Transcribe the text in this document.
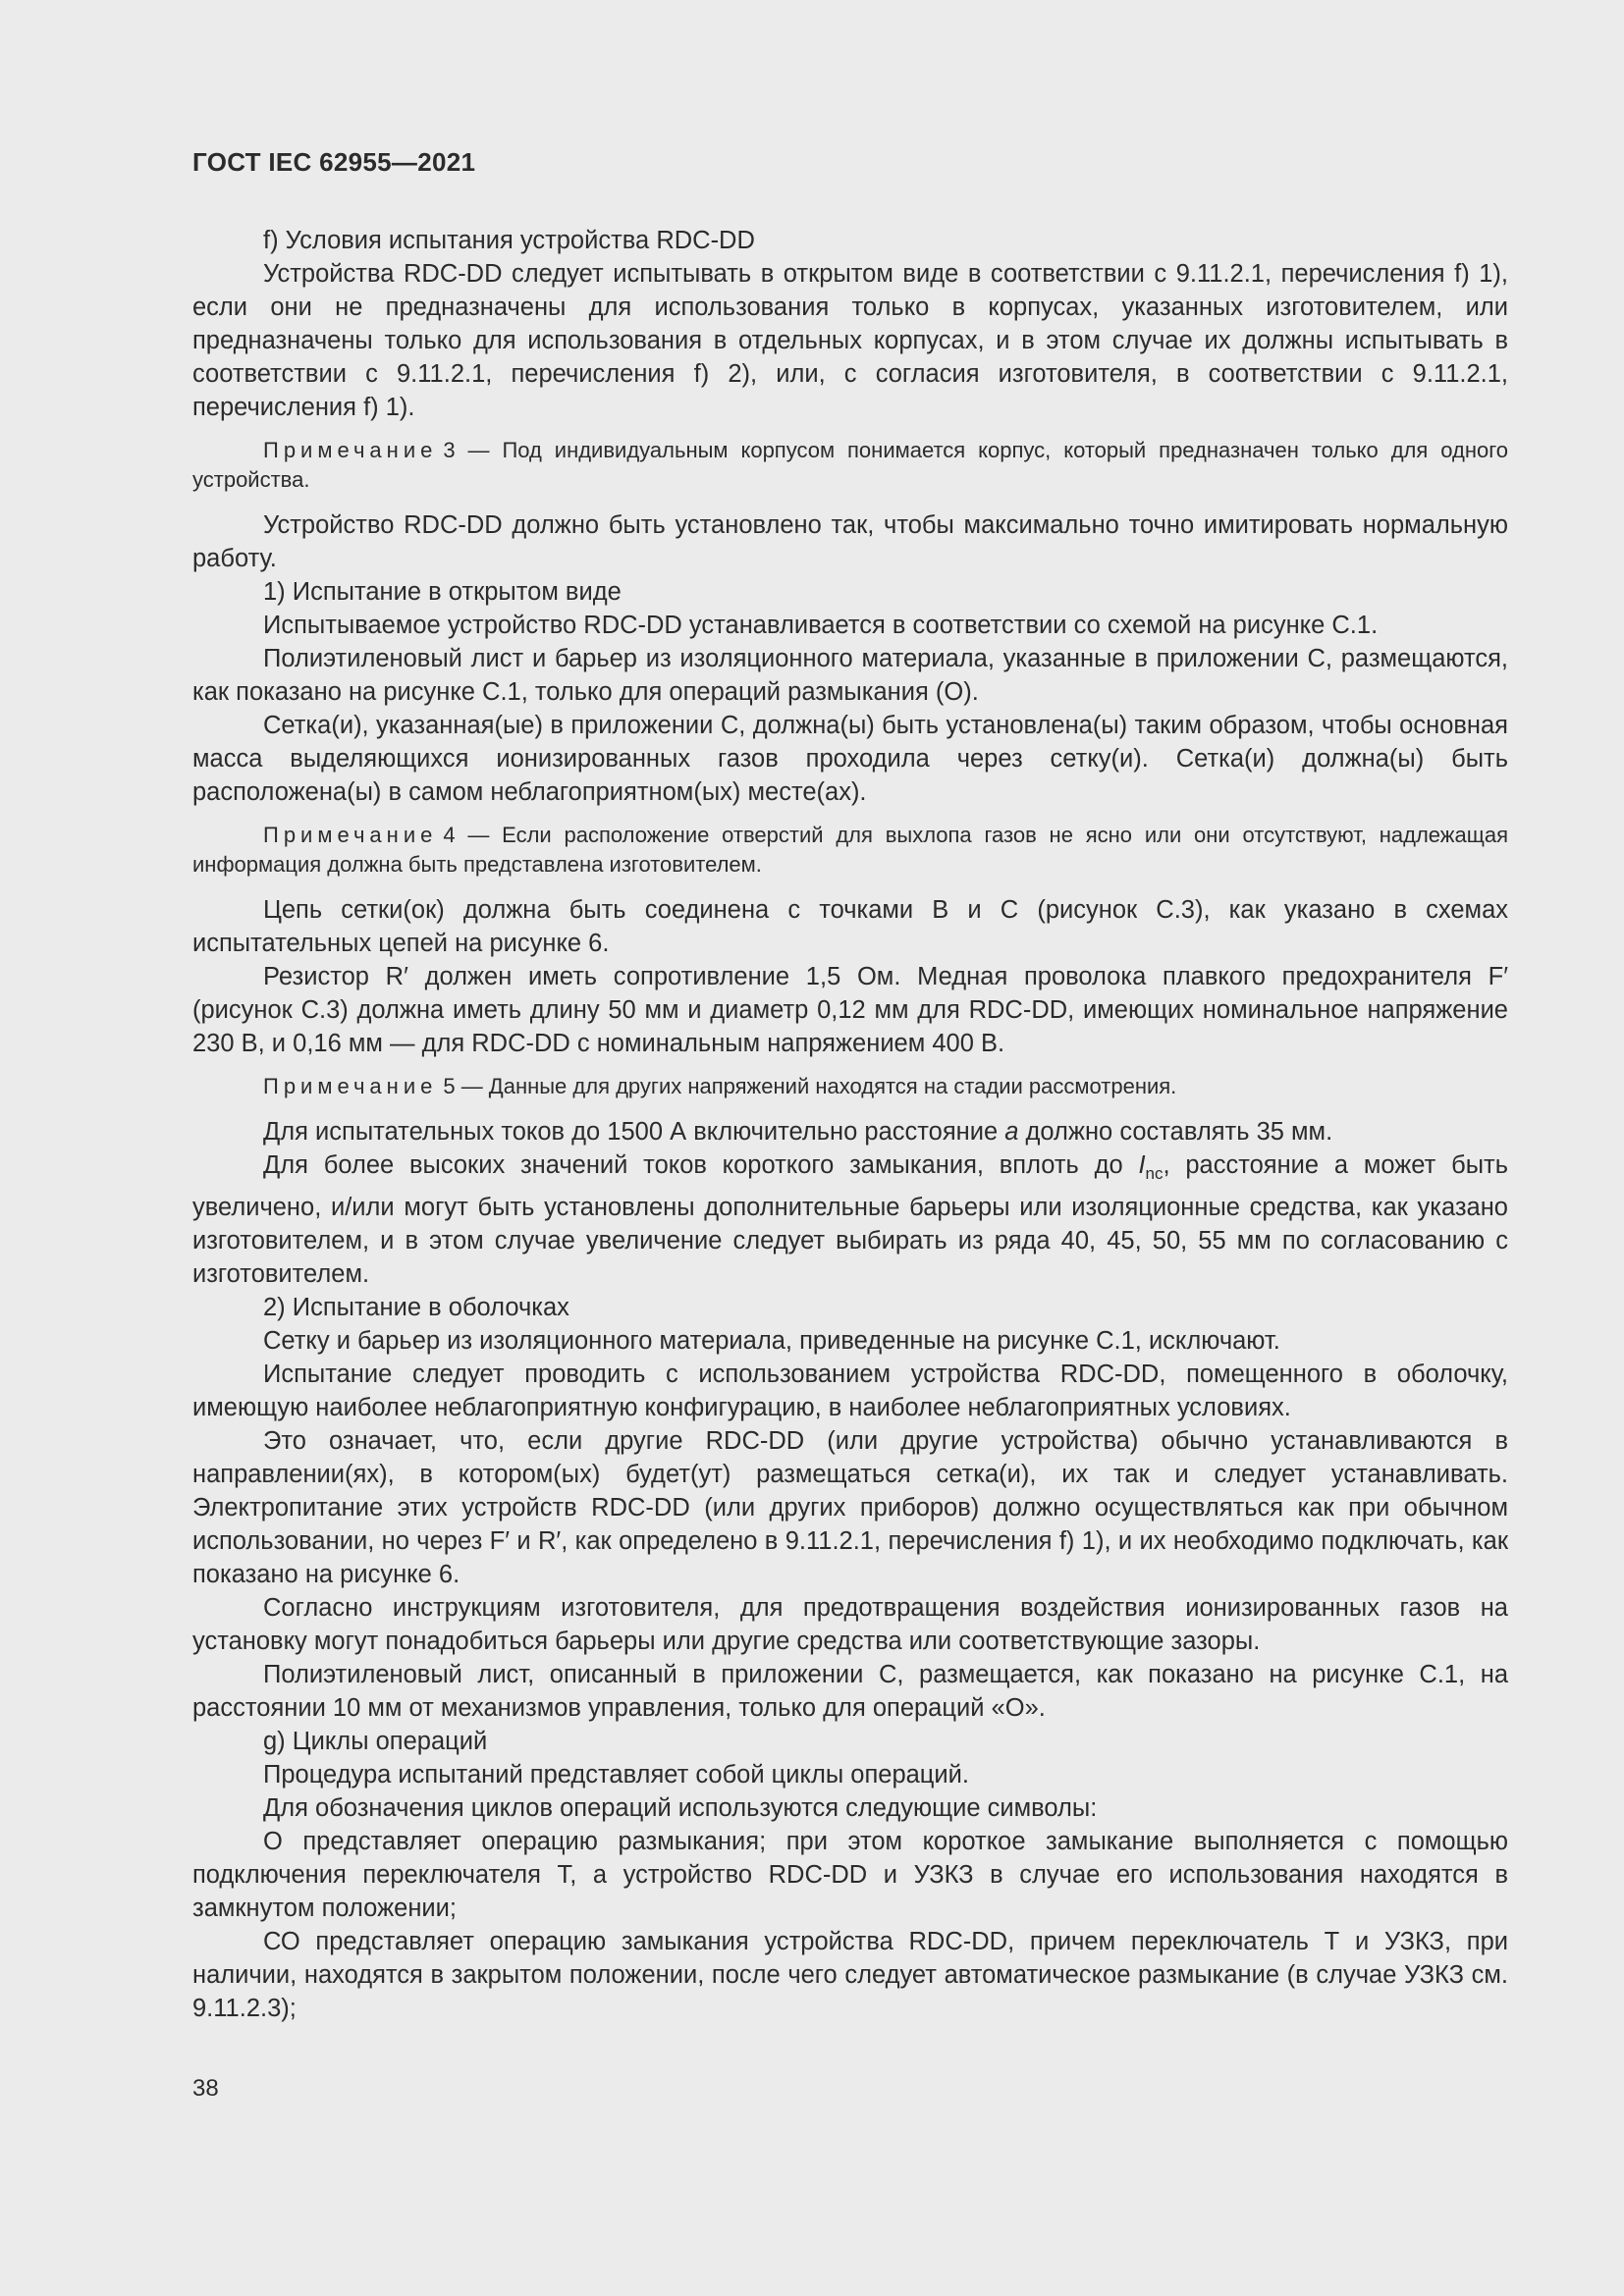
ГОСТ IEC 62955—2021

f) Условия испытания устройства RDC-DD

Устройства RDC-DD следует испытывать в открытом виде в соответствии с 9.11.2.1, перечисления f) 1), если они не предназначены для использования только в корпусах, указанных изготовителем, или предназначены только для использования в отдельных корпусах, и в этом случае их должны испытывать в соответствии с 9.11.2.1, перечисления f) 2), или, с согласия изготовителя, в соответствии с 9.11.2.1, перечисления f) 1).

Примечание 3 — Под индивидуальным корпусом понимается корпус, который предназначен только для одного устройства.

Устройство RDC-DD должно быть установлено так, чтобы максимально точно имитировать нормальную работу.

1) Испытание в открытом виде

Испытываемое устройство RDC-DD устанавливается в соответствии со схемой на рисунке С.1.

Полиэтиленовый лист и барьер из изоляционного материала, указанные в приложении С, размещаются, как показано на рисунке С.1, только для операций размыкания (О).

Сетка(и), указанная(ые) в приложении С, должна(ы) быть установлена(ы) таким образом, чтобы основная масса выделяющихся ионизированных газов проходила через сетку(и). Сетка(и) должна(ы) быть расположена(ы) в самом неблагоприятном(ых) месте(ах).

Примечание 4 — Если расположение отверстий для выхлопа газов не ясно или они отсутствуют, надлежащая информация должна быть представлена изготовителем.

Цепь сетки(ок) должна быть соединена с точками В и С (рисунок С.3), как указано в схемах испытательных цепей на рисунке 6.

Резистор R′ должен иметь сопротивление 1,5 Ом. Медная проволока плавкого предохранителя F′ (рисунок С.3) должна иметь длину 50 мм и диаметр 0,12 мм для RDC-DD, имеющих номинальное напряжение 230 В, и 0,16 мм — для RDC-DD с номинальным напряжением 400 В.

Примечание 5 — Данные для других напряжений находятся на стадии рассмотрения.

Для испытательных токов до 1500 А включительно расстояние a должно составлять 35 мм.

Для более высоких значений токов короткого замыкания, вплоть до $I_{nc}$, расстояние а может быть увеличено, и/или могут быть установлены дополнительные барьеры или изоляционные средства, как указано изготовителем, и в этом случае увеличение следует выбирать из ряда 40, 45, 50, 55 мм по согласованию с изготовителем.

2) Испытание в оболочках

Сетку и барьер из изоляционного материала, приведенные на рисунке С.1, исключают.

Испытание следует проводить с использованием устройства RDC-DD, помещенного в оболочку, имеющую наиболее неблагоприятную конфигурацию, в наиболее неблагоприятных условиях.

Это означает, что, если другие RDC-DD (или другие устройства) обычно устанавливаются в направлении(ях), в котором(ых) будет(ут) размещаться сетка(и), их так и следует устанавливать. Электропитание этих устройств RDC-DD (или других приборов) должно осуществляться как при обычном использовании, но через F′ и R′, как определено в 9.11.2.1, перечисления f) 1), и их необходимо подключать, как показано на рисунке 6.

Согласно инструкциям изготовителя, для предотвращения воздействия ионизированных газов на установку могут понадобиться барьеры или другие средства или соответствующие зазоры.

Полиэтиленовый лист, описанный в приложении С, размещается, как показано на рисунке С.1, на расстоянии 10 мм от механизмов управления, только для операций «О».

g) Циклы операций

Процедура испытаний представляет собой циклы операций.

Для обозначения циклов операций используются следующие символы:

О представляет операцию размыкания; при этом короткое замыкание выполняется с помощью подключения переключателя Т, а устройство RDC-DD и УЗКЗ в случае его использования находятся в замкнутом положении;

СО представляет операцию замыкания устройства RDC-DD, причем переключатель Т и УЗКЗ, при наличии, находятся в закрытом положении, после чего следует автоматическое размыкание (в случае УЗКЗ см. 9.11.2.3);

38
